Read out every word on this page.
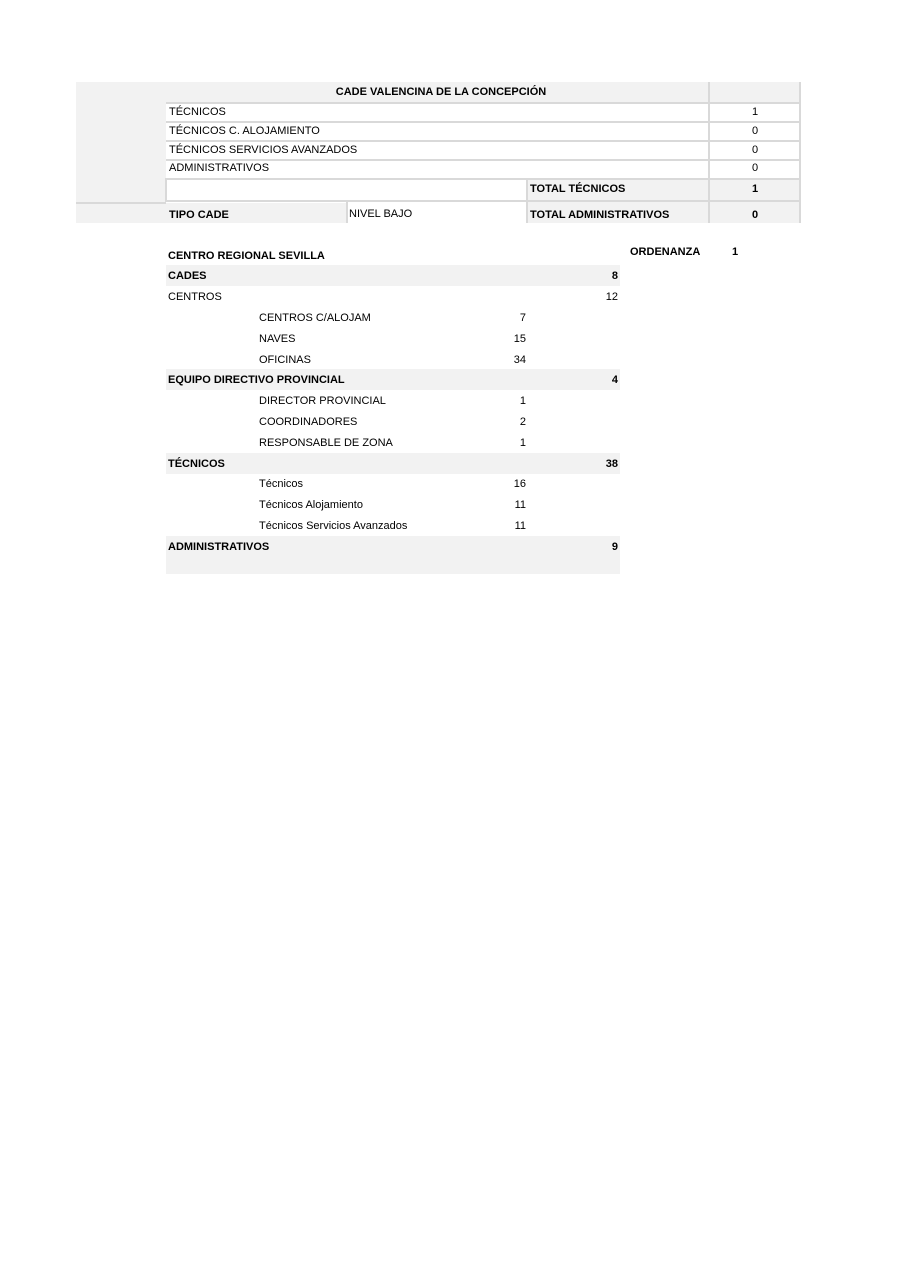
CADE VALENCINA DE LA CONCEPCIÓN
TÉCNICOS	1
TÉCNICOS C. ALOJAMIENTO	0
TÉCNICOS SERVICIOS AVANZADOS	0
ADMINISTRATIVOS	0
TOTAL TÉCNICOS	1
TIPO CADE	NIVEL BAJO	TOTAL ADMINISTRATIVOS	0
ORDENANZA	1
CENTRO REGIONAL SEVILLA
CADES	8
CENTROS	12
CENTROS C/ALOJAM	7
NAVES	15
OFICINAS	34
EQUIPO DIRECTIVO PROVINCIAL	4
DIRECTOR PROVINCIAL	1
COORDINADORES	2
RESPONSABLE DE ZONA	1
TÉCNICOS	38
Técnicos	16
Técnicos Alojamiento	11
Técnicos Servicios Avanzados	11
ADMINISTRATIVOS	9
